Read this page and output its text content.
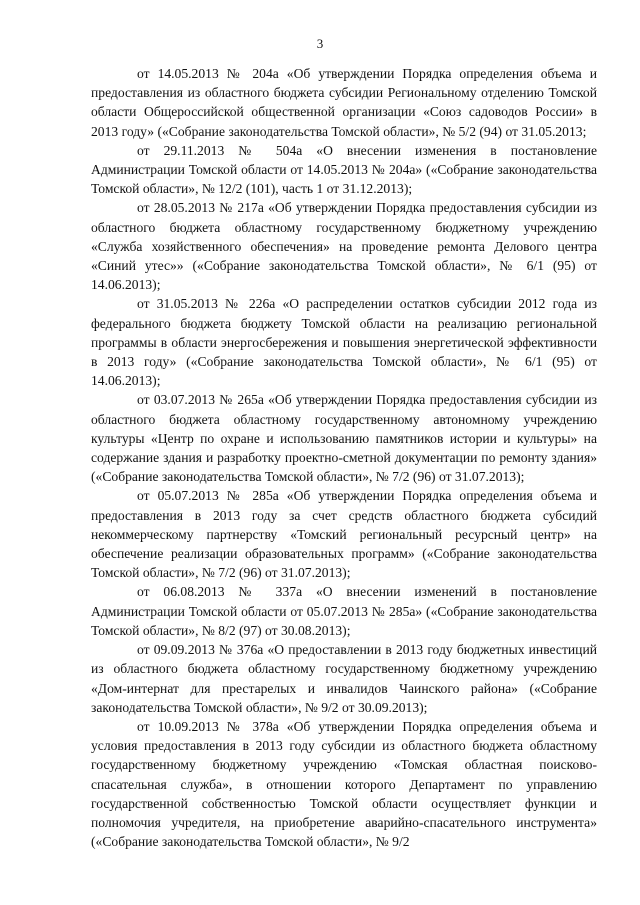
3

от 14.05.2013 № 204а «Об утверждении Порядка определения объема и предоставления из областного бюджета субсидии Региональному отделению Томской области Общероссийской общественной организации «Союз садоводов России» в 2013 году» («Собрание законодательства Томской области», № 5/2 (94) от 31.05.2013;

от 29.11.2013 № 504а «О внесении изменения в постановление Администрации Томской области от 14.05.2013 № 204а» («Собрание законодательства Томской области», № 12/2 (101), часть 1 от 31.12.2013);

от 28.05.2013 № 217а «Об утверждении Порядка предоставления субсидии из областного бюджета областному государственному бюджетному учреждению «Служба хозяйственного обеспечения» на проведение ремонта Делового центра «Синий утес»» («Собрание законодательства Томской области», № 6/1 (95) от 14.06.2013);

от 31.05.2013 № 226а «О распределении остатков субсидии 2012 года из федерального бюджета бюджету Томской области на реализацию региональной программы в области энергосбережения и повышения энергетической эффективности в 2013 году» («Собрание законодательства Томской области», № 6/1 (95) от 14.06.2013);

от 03.07.2013 № 265а «Об утверждении Порядка предоставления субсидии из областного бюджета областному государственному автономному учреждению культуры «Центр по охране и использованию памятников истории и культуры» на содержание здания и разработку проектно-сметной документации по ремонту здания» («Собрание законодательства Томской области», № 7/2 (96) от 31.07.2013);

от 05.07.2013 № 285а «Об утверждении Порядка определения объема и предоставления в 2013 году за счет средств областного бюджета субсидий некоммерческому партнерству «Томский региональный ресурсный центр» на обеспечение реализации образовательных программ» («Собрание законодательства Томской области», № 7/2 (96) от 31.07.2013);

от 06.08.2013 № 337а «О внесении изменений в постановление Администрации Томской области от 05.07.2013 № 285а» («Собрание законодательства Томской области», № 8/2 (97) от 30.08.2013);

от 09.09.2013 № 376а «О предоставлении в 2013 году бюджетных инвестиций из областного бюджета областному государственному бюджетному учреждению «Дом-интернат для престарелых и инвалидов Чаинского района» («Собрание законодательства Томской области», № 9/2 от 30.09.2013);

от 10.09.2013 № 378а «Об утверждении Порядка определения объема и условия предоставления в 2013 году субсидии из областного бюджета областному государственному бюджетному учреждению «Томская областная поисково-спасательная служба», в отношении которого Департамент по управлению государственной собственностью Томской области осуществляет функции и полномочия учредителя, на приобретение аварийно-спасательного инструмента» («Собрание законодательства Томской области», № 9/2
